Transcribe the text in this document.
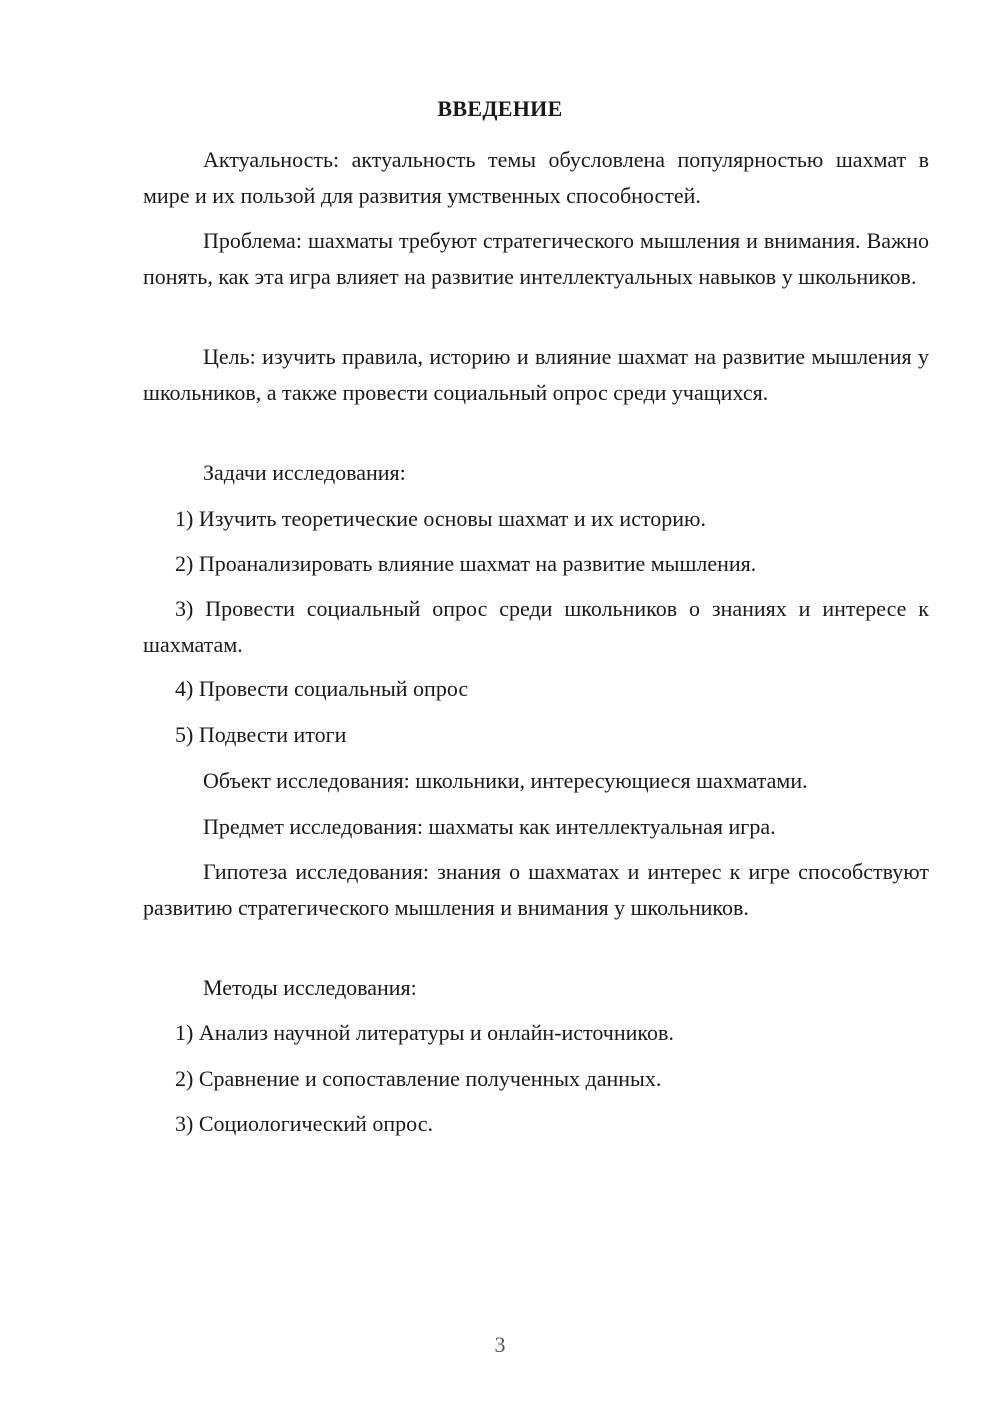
ВВЕДЕНИЕ

Актуальность: актуальность темы обусловлена популярностью шахмат в мире и их пользой для развития умственных способностей.

Проблема: шахматы требуют стратегического мышления и внимания. Важно понять, как эта игра влияет на развитие интеллектуальных навыков у школьников.

Цель: изучить правила, историю и влияние шахмат на развитие мышления у школьников, а также провести социальный опрос среди учащихся.

Задачи исследования:

1) Изучить теоретические основы шахмат и их историю.

2) Проанализировать влияние шахмат на развитие мышления.

3) Провести социальный опрос среди школьников о знаниях и интересе к шахматам.

4) Провести социальный опрос

5) Подвести итоги

Объект исследования: школьники, интересующиеся шахматами.

Предмет исследования: шахматы как интеллектуальная игра.

Гипотеза исследования: знания о шахматах и интерес к игре способствуют развитию стратегического мышления и внимания у школьников.

Методы исследования:

1) Анализ научной литературы и онлайн-источников.

2) Сравнение и сопоставление полученных данных.

3) Социологический опрос.

3
